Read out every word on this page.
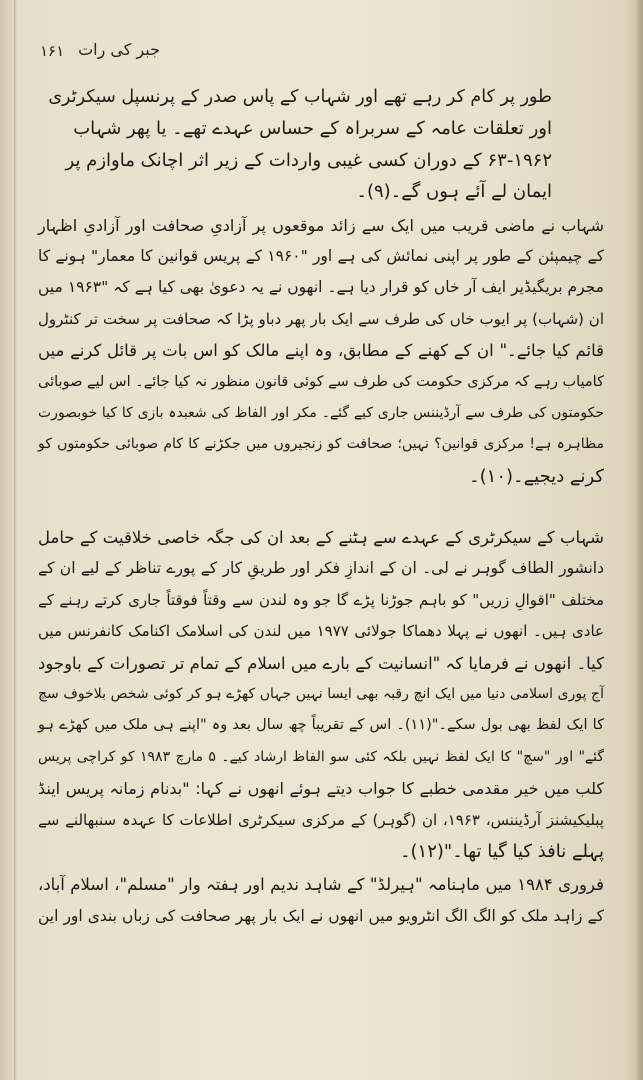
جبر کی رات
۱۶۱
طور پر کام کر رہے تھے اور شہاب کے پاس صدر کے پرنسپل سیکرٹری
اور تعلقات عامہ کے سربراہ کے حساس عہدے تھے۔ یا پھر شہاب
۶۳-۱۹۶۲ کے دوران کسی غیبی واردات کے زیر اثر اچانک ماوازم پر
ایمان لے آئے ہوں گے۔(۹)۔
شہاب نے ماضی قریب میں ایک سے زائد موقعوں پر آزادیِ صحافت اور آزادیِ اظہار
کے چیمپئن کے طور پر اپنی نمائش کی ہے اور "۱۹۶۰ کے پریس قوانین کا معمار" ہونے کا
مجرم بریگیڈیر ایف آر خاں کو قرار دیا ہے۔ انھوں نے یہ دعویٰ بھی کیا ہے کہ "۱۹۶۳ میں
ان (شہاب) پر ایوب خاں کی طرف سے ایک بار پھر دباو پڑا کہ صحافت پر سخت تر کنٹرول
قائم کیا جائے۔" ان کے کھنے کے مطابق، وہ اپنے مالک کو اس بات پر قائل کرنے میں
کامیاب رہے کہ مرکزی حکومت کی طرف سے کوئی قانون منظور نہ کیا جائے۔ اس لیے صوبائی
حکومتوں کی طرف سے آرڈیننس جاری کیے گئے۔ مکر اور الفاظ کی شعبدہ بازی کا کیا خوبصورت
مظاہرہ ہے! مرکزی قوانین؟ نہیں؛ صحافت کو زنجیروں میں جکڑنے کا کام صوبائی حکومتوں کو
کرنے دیجیے۔(۱۰)۔
شہاب کے سیکرٹری کے عہدے سے ہٹنے کے بعد ان کی جگہ خاصی خلاقیت کے حامل
دانشور الطاف گوہر نے لی۔ ان کے اندازِ فکر اور طریقِ کار کے پورے تناظر کے لیے ان کے
مختلف "اقوالِ زریں" کو باہم جوڑنا پڑے گا جو وہ لندن سے وقتاً فوقتاً جاری کرتے رہنے کے
عادی ہیں۔ انھوں نے پہلا دھماکا جولائی ۱۹۷۷ میں لندن کی اسلامک اکنامک کانفرنس میں
کیا۔ انھوں نے فرمایا کہ "انسانیت کے بارے میں اسلام کے تمام تر تصورات کے باوجود
آج پوری اسلامی دنیا میں ایک انچ رقبہ بھی ایسا نہیں جہاں کھڑے ہو کر کوئی شخص بلاخوف سچ
کا ایک لفظ بھی بول سکے۔"(۱۱)۔ اس کے تقریباً چھ سال بعد وہ "اپنے ہی ملک میں کھڑے ہو
گئے" اور "سچ" کا ایک لفظ نہیں بلکہ کئی سو الفاظ ارشاد کیے۔ ۵ مارچ ۱۹۸۳ کو کراچی پریس
کلب میں خیر مقدمی خطبے کا جواب دیتے ہوئے انھوں نے کہا: "بدنام زمانہ پریس اینڈ
پبلیکیشنز آرڈیننس، ۱۹۶۳، ان (گوہر) کے مرکزی سیکرٹری اطلاعات کا عہدہ سنبھالنے سے
پہلے نافذ کیا گیا تھا۔"(۱۲)۔
فروری ۱۹۸۴ میں ماہنامہ "ہیرلڈ" کے شاہد ندیم اور ہفتہ وار "مسلم"، اسلام آباد،
کے زاہد ملک کو الگ الگ انٹرویو میں انھوں نے ایک بار پھر صحافت کی زباں بندی اور این
